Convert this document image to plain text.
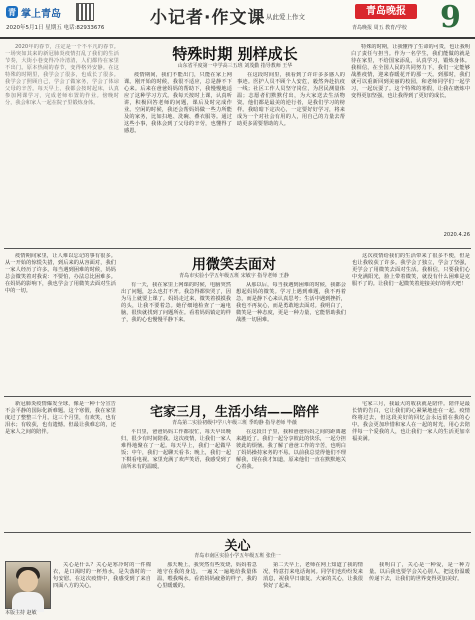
青 掌上青岛
2020年5月1日 星期五 电话:82933676	小记者·作文课 从此爱上作文	青岛晚报
青岛晚报 周五 教育/学校 9
2020年的春节，注定是一个不平凡的春节。一场突如其来的新冠肺炎疫情打乱了我们的生活节奏，大街小巷变得冷冷清清，人们都待在家里不出门。原本热闹的春节，变得格外安静。在这特殊的时期里，我学会了很多，也成长了很多。我学会了照顾自己，学会了做家务，学会了体谅父母的辛苦。每天早上，我都会按时起床，认真参加网课学习，完成老师布置的作业。傍晚时分，我会和家人一起在院子里锻炼身体。
特殊时期 别样成长
山东省平度第一中学高三五班 刘茂勤 指导教师 王华
疫情期间，我们不能出门，只能在家上网课。刚开始的时候，我很不适应，总是静不下心来。后来在爸爸妈妈的帮助下，我慢慢地适应了这种学习方式。我每天按时上课，认真听讲，积极回答老师的问题，课后及时完成作业。空闲的时候，我还会帮妈妈做一些力所能及的家务，比如扫地、洗碗、叠衣服等。通过这些小事，我体会到了父母的辛劳，也懂得了感恩。
在这段时间里，我看到了许许多多感人的事迹。医护人员不顾个人安危，毅然奔赴抗疫一线；社区工作人员坚守岗位，为居民测量体温；志愿者们默默付出，为大家送去生活物资。他们都是最美的逆行者，是我们学习的榜样。我暗暗下定决心，一定要好好学习，将来成为一个对社会有用的人，用自己的力量去帮助更多需要帮助的人。
特殊的时期，让我懂得了生命的可贵，也让我明白了责任与担当。作为一名学生，我们能做的就是待在家里，不给国家添乱，认真学习，锻炼身体。我相信，在全国人民的共同努力下，我们一定能够战胜疫情，迎来春暖花开的那一天。到那时，我们就可以重新回到美丽的校园，和老师同学们一起学习，一起玩耍了。这个特殊的寒假，让我在磨炼中变得更加坚强，也让我得到了更好的成长。
2020.4.26
疫情期间家里，让人难以忘记的事有很多。从一开始的惊慌失措，到后来的从容面对，我们一家人经历了许多。每当遇到困难的时候，妈妈总会微笑着对我说：不要怕，办法总比困难多。在妈妈的影响下，我也学会了用微笑去面对生活中的一切。
用微笑去面对
青岛市实验小学五年级五班 宋敏宇 指导老师 王静
有一天，我在家里上网课的时候，电脑突然出了问题，怎么也打不开。我急得都快哭了，因为马上就要上课了。妈妈走过来，微笑着摸摸我的头，让我不要着急。她仔细地检查了一遍电脑，很快就找到了问题所在。看着妈妈镇定的样子，我的心也慢慢平静下来。
从那以后，每当我遇到困难的时候，我都会想起妈妈的微笑。学习上遇到难题，我不再着急，而是静下心来认真思考；生活中遇到挫折，我也不再灰心，而是勇敢地去面对。我明白了，微笑是一种态度，更是一种力量，它能帮助我们战胜一切困难。
这次疫情给我们的生活带来了很多不便，但是也让我收获了许多。我学会了独立，学会了坚强，更学会了用微笑去面对生活。我相信，只要我们心中充满阳光，脸上带着微笑，就没有什么困难是克服不了的。让我们一起微笑着迎接美好的明天吧！
新冠肺炎疫情爆发全球，像是一种十分宣告不会平静的国际化新难题。这个寒假，我在家里度过了整整三个月。这三个月里，有欢笑，也有泪水；有收获，也有遗憾。但最让我难忘的，还是家人之间的陪伴。
宅家三月，生活小结——陪伴
青岛第二实验初级中学八年级三班 季昀静 指导老师 毕薇
平日里，爸爸妈妈工作都很忙，每天早出晚归，很少有时间陪我。这次疫情，让我们一家人难得地聚在了一起。每天早上，我们一起做早饭；中午，我们一起聊天看书；晚上，我们一起下棋看电视。家里充满了欢声笑语，我感受到了前所未有的温暖。
在这段日子里，我和爸爸妈妈之间的距离越来越近了。我们一起分享彼此的快乐，一起分担彼此的烦恼。我了解了爸爸工作的辛苦，也明白了妈妈操持家务的不易。以前我总觉得他们不理解我，现在我才知道，原来他们一直在默默地关心着我。
宅家三月，我最大的收获就是陪伴。陪伴是最长情的告白，它让我们的心紧紧地连在一起。疫情终将过去，但这段美好的回忆会永远留在我的心中。我会更加珍惜和家人在一起的时光，用心去陪伴每一个爱我的人，也让我们一家人的生活更加幸福美满。
关心
青岛市南区实验小学五年级五班 张佳一
本版主持 赵敏
关心是什么？关心是寒冷时的一件棉衣，是口渴时的一杯热水，是失落时的一句安慰。在这次疫情中，我感受到了来自四面八方的关心。
那天晚上，我突然有些发烧，妈妈着急地守在我的身边，一遍又一遍地给我量体温，喂我喝水。看着妈妈疲惫的样子，我的心里暖暖的。
第二天早上，老师在网上知道了我的情况，特意打来电话询问。同学们也纷纷发来消息，祝我早日康复。大家的关心，让我很快好了起来。
我明白了，关心是一种爱，是一种力量。以后我也要学会关心别人，把这份温暖传递下去，让我们的世界变得更加美好。
